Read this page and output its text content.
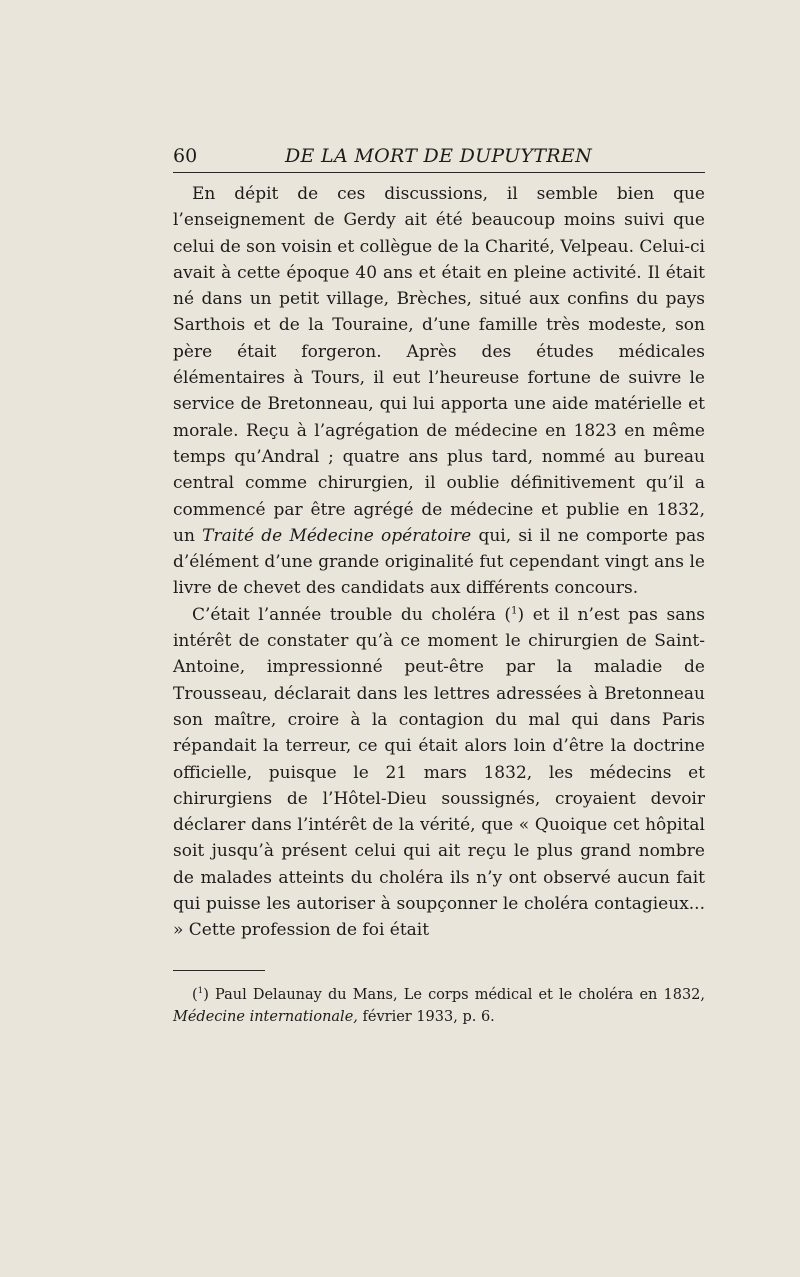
60	DE LA MORT DE DUPUYTREN

En dépit de ces discussions, il semble bien que l’enseignement de Gerdy ait été beaucoup moins suivi que celui de son voisin et collègue de la Charité, Velpeau. Celui-ci avait à cette époque 40 ans et était en pleine activité. Il était né dans un petit village, Brèches, situé aux confins du pays Sarthois et de la Touraine, d’une famille très modeste, son père était forgeron. Après des études médicales élémentaires à Tours, il eut l’heureuse fortune de suivre le service de Bretonneau, qui lui apporta une aide matérielle et morale. Reçu à l’agrégation de médecine en 1823 en même temps qu’Andral ; quatre ans plus tard, nommé au bureau central comme chirurgien, il oublie définitivement qu’il a commencé par être agrégé de médecine et publie en 1832, un Traité de Médecine opératoire qui, si il ne comporte pas d’élément d’une grande originalité fut cependant vingt ans le livre de chevet des candidats aux différents concours.

C’était l’année trouble du choléra ($^1$) et il n’est pas sans intérêt de constater qu’à ce moment le chirurgien de Saint-Antoine, impressionné peut-être par la maladie de Trousseau, déclarait dans les lettres adressées à Bretonneau son maître, croire à la contagion du mal qui dans Paris répandait la terreur, ce qui était alors loin d’être la doctrine officielle, puisque le 21 mars 1832, les médecins et chirurgiens de l’Hôtel-Dieu soussignés, croyaient devoir déclarer dans l’intérêt de la vérité, que « Quoique cet hôpital soit jusqu’à présent celui qui ait reçu le plus grand nombre de malades atteints du choléra ils n’y ont observé aucun fait qui puisse les autoriser à soupçonner le choléra contagieux... » Cette profession de foi était

($^1$) Paul Delaunay du Mans, Le corps médical et le choléra en 1832, Médecine internationale, février 1933, p. 6.
